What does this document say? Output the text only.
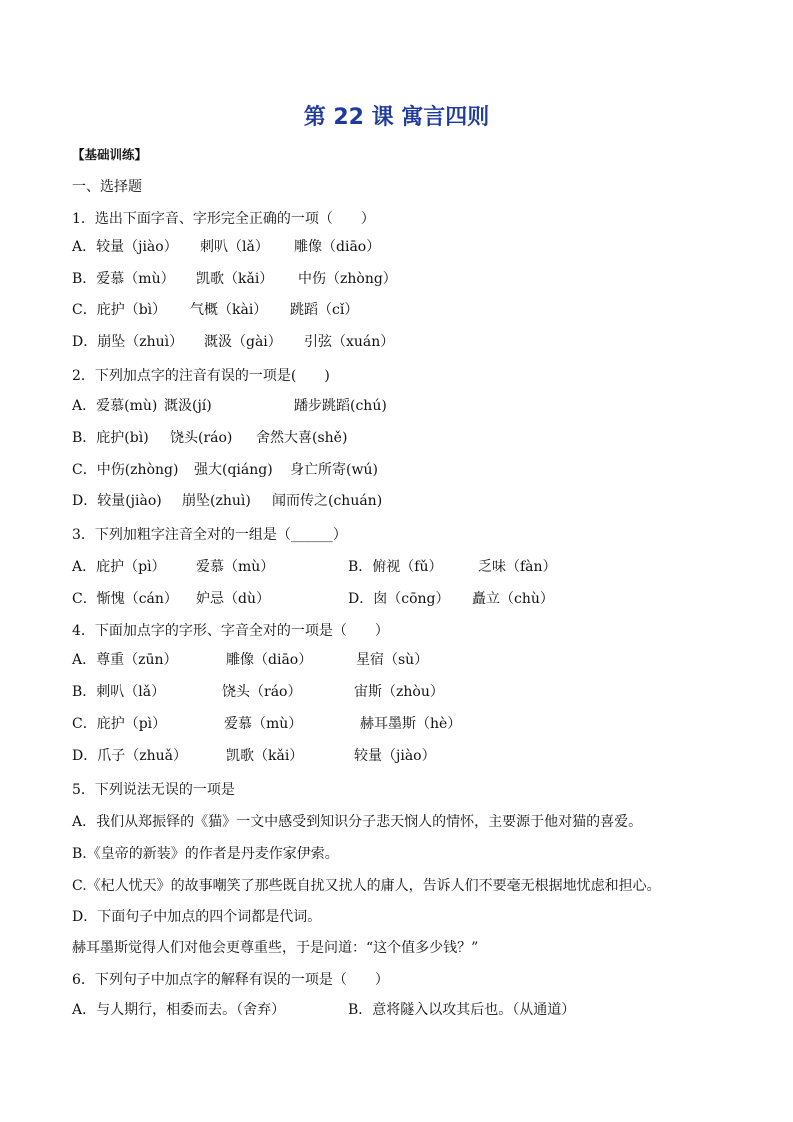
第 22 课 寓言四则
【基础训练】
一、选择题
1．选出下面字音、字形完全正确的一项（　　）
A．较量（jiào） 刺叭（lǎ） 雕像（diāo）
B．爱慕（mù） 凯歌（kǎi） 中伤（zhòng）
C．庇护（bì） 气概（kài） 跳蹈（cǐ）
D．崩坠（zhuì） 溉汲（gài） 引弦（xuán）
2．下列加点字的注音有误的一项是(　　)
A．爱慕(mù) 溉汲(jí)	蹯步跳蹈(chú)
B．庇护(bì) 饶头(ráo) 舍然大喜(shě)
C．中伤(zhòng) 强大(qiáng) 身亡所寄(wú)
D．较量(jiào) 崩坠(zhuì) 闻而传之(chuán)
3．下列加粗字注音全对的一组是（______）
A．庇护（pì） 爱慕（mù）	B．俯视（fǔ）	乏味（fàn）
C．惭愧（cán） 妒忌（dù）	D．囱（cōng） 矗立（chù）
4．下面加点字的字形、字音全对的一项是（　　）
A．尊重（zūn）	雕像（diāo）	星宿（sù）
B．刺叭（lǎ）	饶头（ráo）	宙斯（zhòu）
C．庇护（pì）	爱慕（mù）	赫耳墨斯（hè）
D．爪子（zhuǎ）	凯歌（kǎi）	较量（jiào）
5．下列说法无误的一项是
A．我们从郑振铎的《猫》一文中感受到知识分子悲天悯人的情怀，主要源于他对猫的喜爱。
B.《皇帝的新装》的作者是丹麦作家伊索。
C.《杞人忧天》的故事嘲笑了那些既自扰又扰人的庸人，告诉人们不要毫无根据地忧虑和担心。
D．下面句子中加点的四个词都是代词。
赫耳墨斯觉得人们对他会更尊重些，于是问道：“这个值多少钱？”
6．下列句子中加点字的解释有误的一项是（　　）
A．与人期行，相委而去。（舍弃）	B．意将隧入以攻其后也。（从通道）
